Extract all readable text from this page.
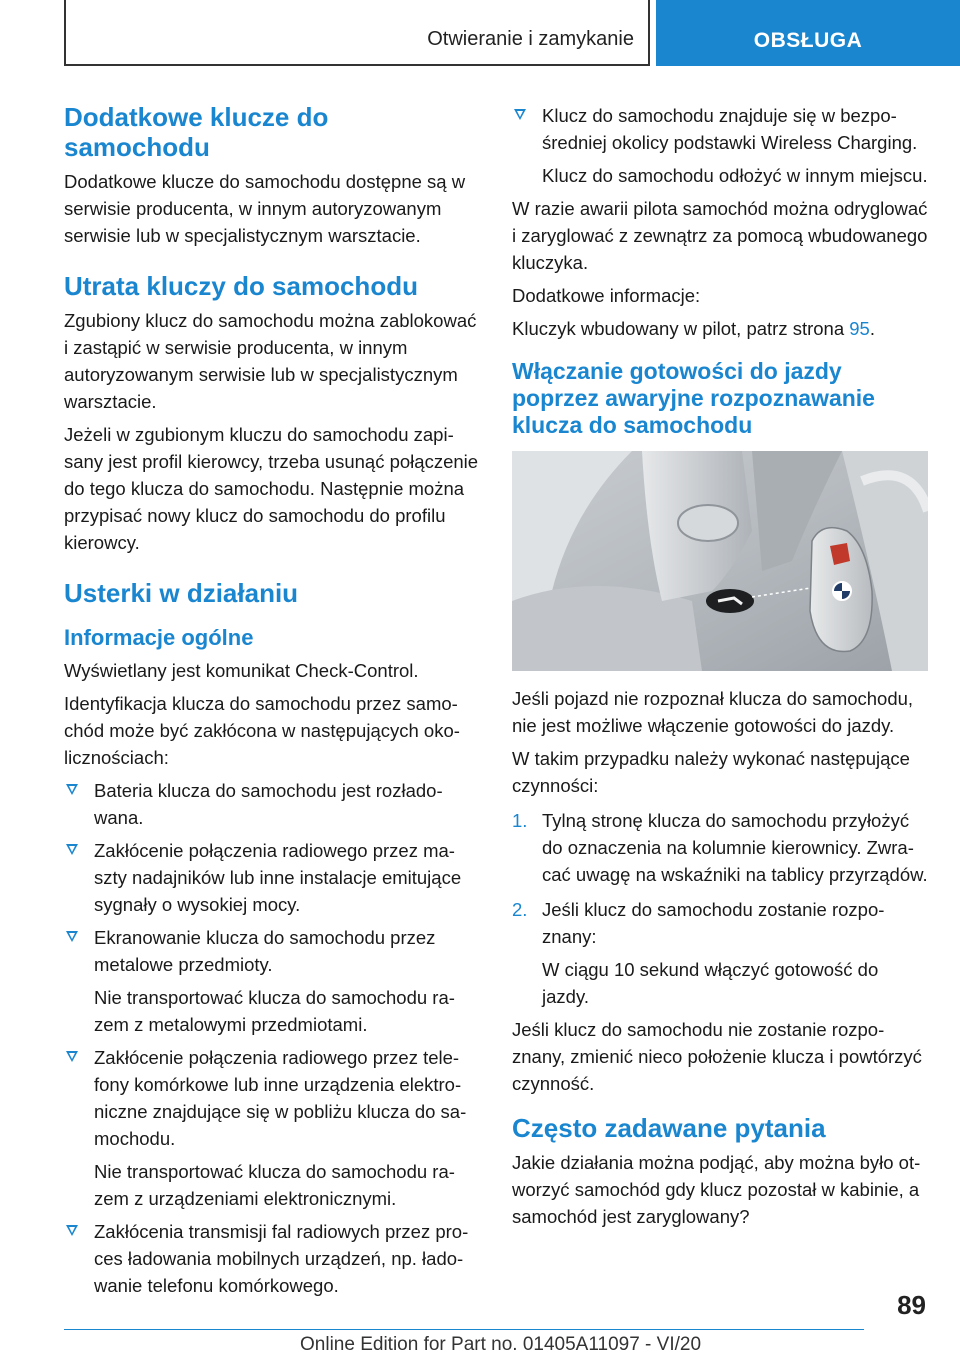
Otwieranie i zamykanie	OBSŁUGA
Dodatkowe klucze do samochodu

Dodatkowe klucze do samochodu dostępne są w serwisie producenta, w innym autoryzowanym serwisie lub w specjalistycznym warsztacie.

Utrata kluczy do samochodu

Zgubiony klucz do samochodu można zablokować i zastąpić w serwisie producenta, w innym autoryzowanym serwisie lub w specjalistycznym warsztacie.

Jeżeli w zgubionym kluczu do samochodu zapisany jest profil kierowcy, trzeba usunąć połączenie do tego klucza do samochodu. Następnie można przypisać nowy klucz do samochodu do profilu kierowcy.

Usterki w działaniu
Informacje ogólne

Wyświetlany jest komunikat Check-Control.

Identyfikacja klucza do samochodu przez samochód może być zakłócona w następujących okolicznościach:

Bateria klucza do samochodu jest rozładowana.

Zakłócenie połączenia radiowego przez maszty nadajników lub inne instalacje emitujące sygnały o wysokiej mocy.

Ekranowanie klucza do samochodu przez metalowe przedmioty.

Nie transportować klucza do samochodu razem z metalowymi przedmiotami.

Zakłócenie połączenia radiowego przez telefony komórkowe lub inne urządzenia elektroniczne znajdujące się w pobliżu klucza do samochodu.

Nie transportować klucza do samochodu razem z urządzeniami elektronicznymi.

Zakłócenia transmisji fal radiowych przez proces ładowania mobilnych urządzeń, np. ładowanie telefonu komórkowego.

Klucz do samochodu znajduje się w bezpośredniej okolicy podstawki Wireless Charging.

Klucz do samochodu odłożyć w innym miejscu.

W razie awarii pilota samochód można odryglować i zaryglować z zewnątrz za pomocą wbudowanego kluczyka.

Dodatkowe informacje:

Kluczyk wbudowany w pilot, patrz strona 95.

Włączanie gotowości do jazdy poprzez awaryjne rozpoznawanie klucza do samochodu

Jeśli pojazd nie rozpoznał klucza do samochodu, nie jest możliwe włączenie gotowości do jazdy.

W takim przypadku należy wykonać następujące czynności:

1. Tylną stronę klucza do samochodu przyłożyć do oznaczenia na kolumnie kierownicy. Zwracać uwagę na wskaźniki na tablicy przyrządów.

2. Jeśli klucz do samochodu zostanie rozpoznany:

W ciągu 10 sekund włączyć gotowość do jazdy.

Jeśli klucz do samochodu nie zostanie rozpoznany, zmienić nieco położenie klucza i powtórzyć czynność.

Często zadawane pytania

Jakie działania można podjąć, aby można było otworzyć samochód gdy klucz pozostał w kabinie, a samochód jest zaryglowany?

89
Online Edition for Part no. 01405A11097 - VI/20
